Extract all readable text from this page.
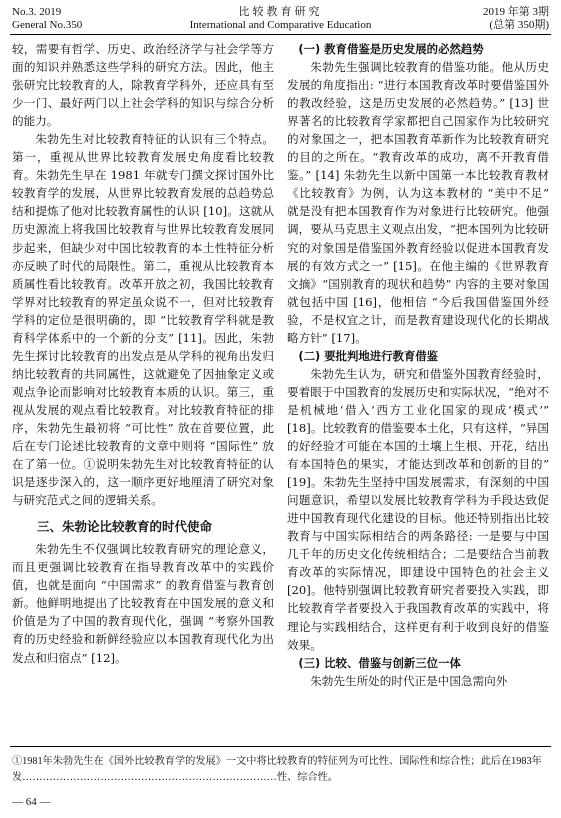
No.3. 2019
General No.350
比较教育研究
International and Comparative Education
2019 年第 3期
(总第 350期)

较，需要有哲学、历史、政治经济学与社会学等方面的知识并熟悉这些学科的研究方法。因此，他主张研究比较教育的人，除教育学科外，还应具有至少一门、最好两门以上社会学科的知识与综合分析的能力。

朱勃先生对比较教育特征的认识有三个特点。第一，重视从世界比较教育发展史角度看比较教育。朱勃先生早在 1981 年就专门撰文探讨国外比较教育学的发展，从世界比较教育发展的总趋势总结和提炼了他对比较教育属性的认识 [10]。这就从历史源流上将我国比较教育与世界比较教育发展同步起来，但缺少对中国比较教育的本土性特征分析亦反映了时代的局限性。第二，重视从比较教育本质属性看比较教育。改革开放之初，我国比较教育学界对比较教育的界定虽众说不一，但对比较教育学科的定位是很明确的，即 “比较教育学科就是教育科学体系中的一个新的分支” [11]。因此，朱勃先生探讨比较教育的出发点是从学科的视角出发归纳比较教育的共同属性，这就避免了因抽象定义或观点争论而影响对比较教育本质的认识。第三，重视从发展的观点看比较教育。对比较教育特征的排序，朱勃先生最初将 “可比性” 放在首要位置，此后在专门论述比较教育的文章中则将 “国际性” 放在了第一位。①说明朱勃先生对比较教育特征的认识是逐步深入的，这一顺序更好地厘清了研究对象与研究范式之间的逻辑关系。

三、朱勃论比较教育的时代使命

朱勃先生不仅强调比较教育研究的理论意义，而且更强调比较教育在指导教育改革中的实践价值，也就是面向 “中国需求” 的教育借鉴与教育创新。他鲜明地提出了比较教育在中国发展的意义和价值是为了中国的教育现代化，强调 “考察外国教育的历史经验和新鲜经验应以本国教育现代化为出发点和归宿点” [12]。

(一) 教育借鉴是历史发展的必然趋势

朱勃先生强调比较教育的借鉴功能。他从历史发展的角度指出: “进行本国教育改革时要借鉴国外的教改经验，这是历史发展的必然趋势。” [13] 世界著名的比较教育学家都把自己国家作为比较研究的对象国之一，把本国教育革新作为比较教育研究的目的之所在。“教育改革的成功，离不开教育借鉴。” [14] 朱勃先生以新中国第一本比较教育教材《比较教育》为例，认为这本教材的 “美中不足” 就是没有把本国教育作为对象进行比较研究。他强调，要从马克思主义观点出发，“把本国列为比较研究的对象国是借鉴国外教育经验以促进本国教育发展的有效方式之一” [15]。在他主编的《世界教育文摘》“国别教育的现状和趋势” 内容的主要对象国就包括中国 [16]，他相信 “今后我国借鉴国外经验，不是权宜之计，而是教育建设现代化的长期战略方针” [17]。

(二) 要批判地进行教育借鉴

朱勃先生认为，研究和借鉴外国教育经验时，要着眼于中国教育的发展历史和实际状况，“绝对不是机械地‘借入’西方工业化国家的现成‘模式’” [18]。比较教育的借鉴要本土化，只有这样，“异国的好经验才可能在本国的土壤上生根、开花，结出有本国特色的果实，才能达到改革和创新的目的” [19]。朱勃先生坚持中国发展需求，有深刻的中国问题意识，希望以发展比较教育学科为手段达致促进中国教育现代化建设的目标。他还特别指出比较教育与中国实际相结合的两条路径: 一是要与中国几千年的历史文化传统相结合；二是要结合当前教育改革的实际情况，即建设中国特色的社会主义 [20]。他特别强调比较教育研究者要投入实践，即比较教育学者要投入于我国教育改革的实践中，将理论与实践相结合，这样更有利于收到良好的借鉴效果。

(三) 比较、借鉴与创新三位一体

朱勃先生所处的时代正是中国急需向外

①1981年朱勃先生在《国外比较教育学的发展》一文中将比较教育的特征列为可比性、国际性和综合性；此后在1983年发…………………………………………………………………性、综合性。
— 64 —
